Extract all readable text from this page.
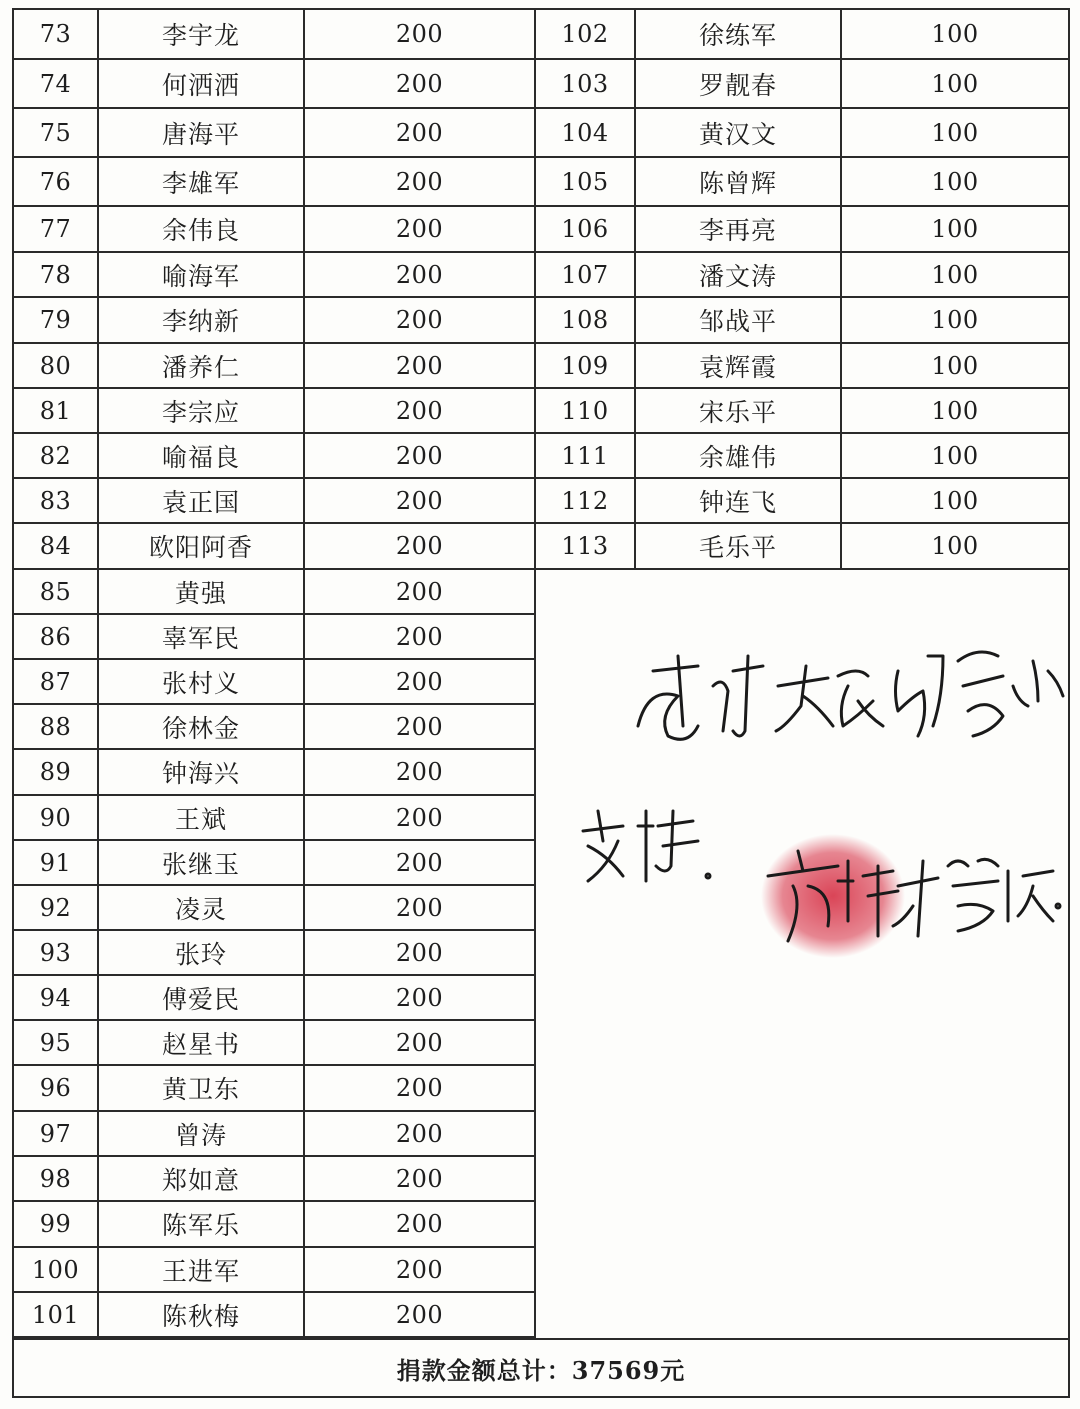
73	李宇龙	200
74	何洒洒	200
75	唐海平	200
76	李雄军	200
77	余伟良	200
78	喻海军	200
79	李纳新	200
80	潘养仁	200
81	李宗应	200
82	喻福良	200
83	袁正国	200
84	欧阳阿香	200
85	黄强	200
86	辜军民	200
87	张村义	200
88	徐林金	200
89	钟海兴	200
90	王斌	200
91	张继玉	200
92	凌灵	200
93	张玲	200
94	傅爱民	200
95	赵星书	200
96	黄卫东	200
97	曾涛	200
98	郑如意	200
99	陈军乐	200
100	王进军	200
101	陈秋梅	200
102	徐练军	100
103	罗靓春	100
104	黄汉文	100
105	陈曾辉	100
106	李再亮	100
107	潘文涛	100
108	邹战平	100
109	袁辉霞	100
110	宋乐平	100
111	余雄伟	100
112	钟连飞	100
113	毛乐平	100
捐款金额总计：37569元
